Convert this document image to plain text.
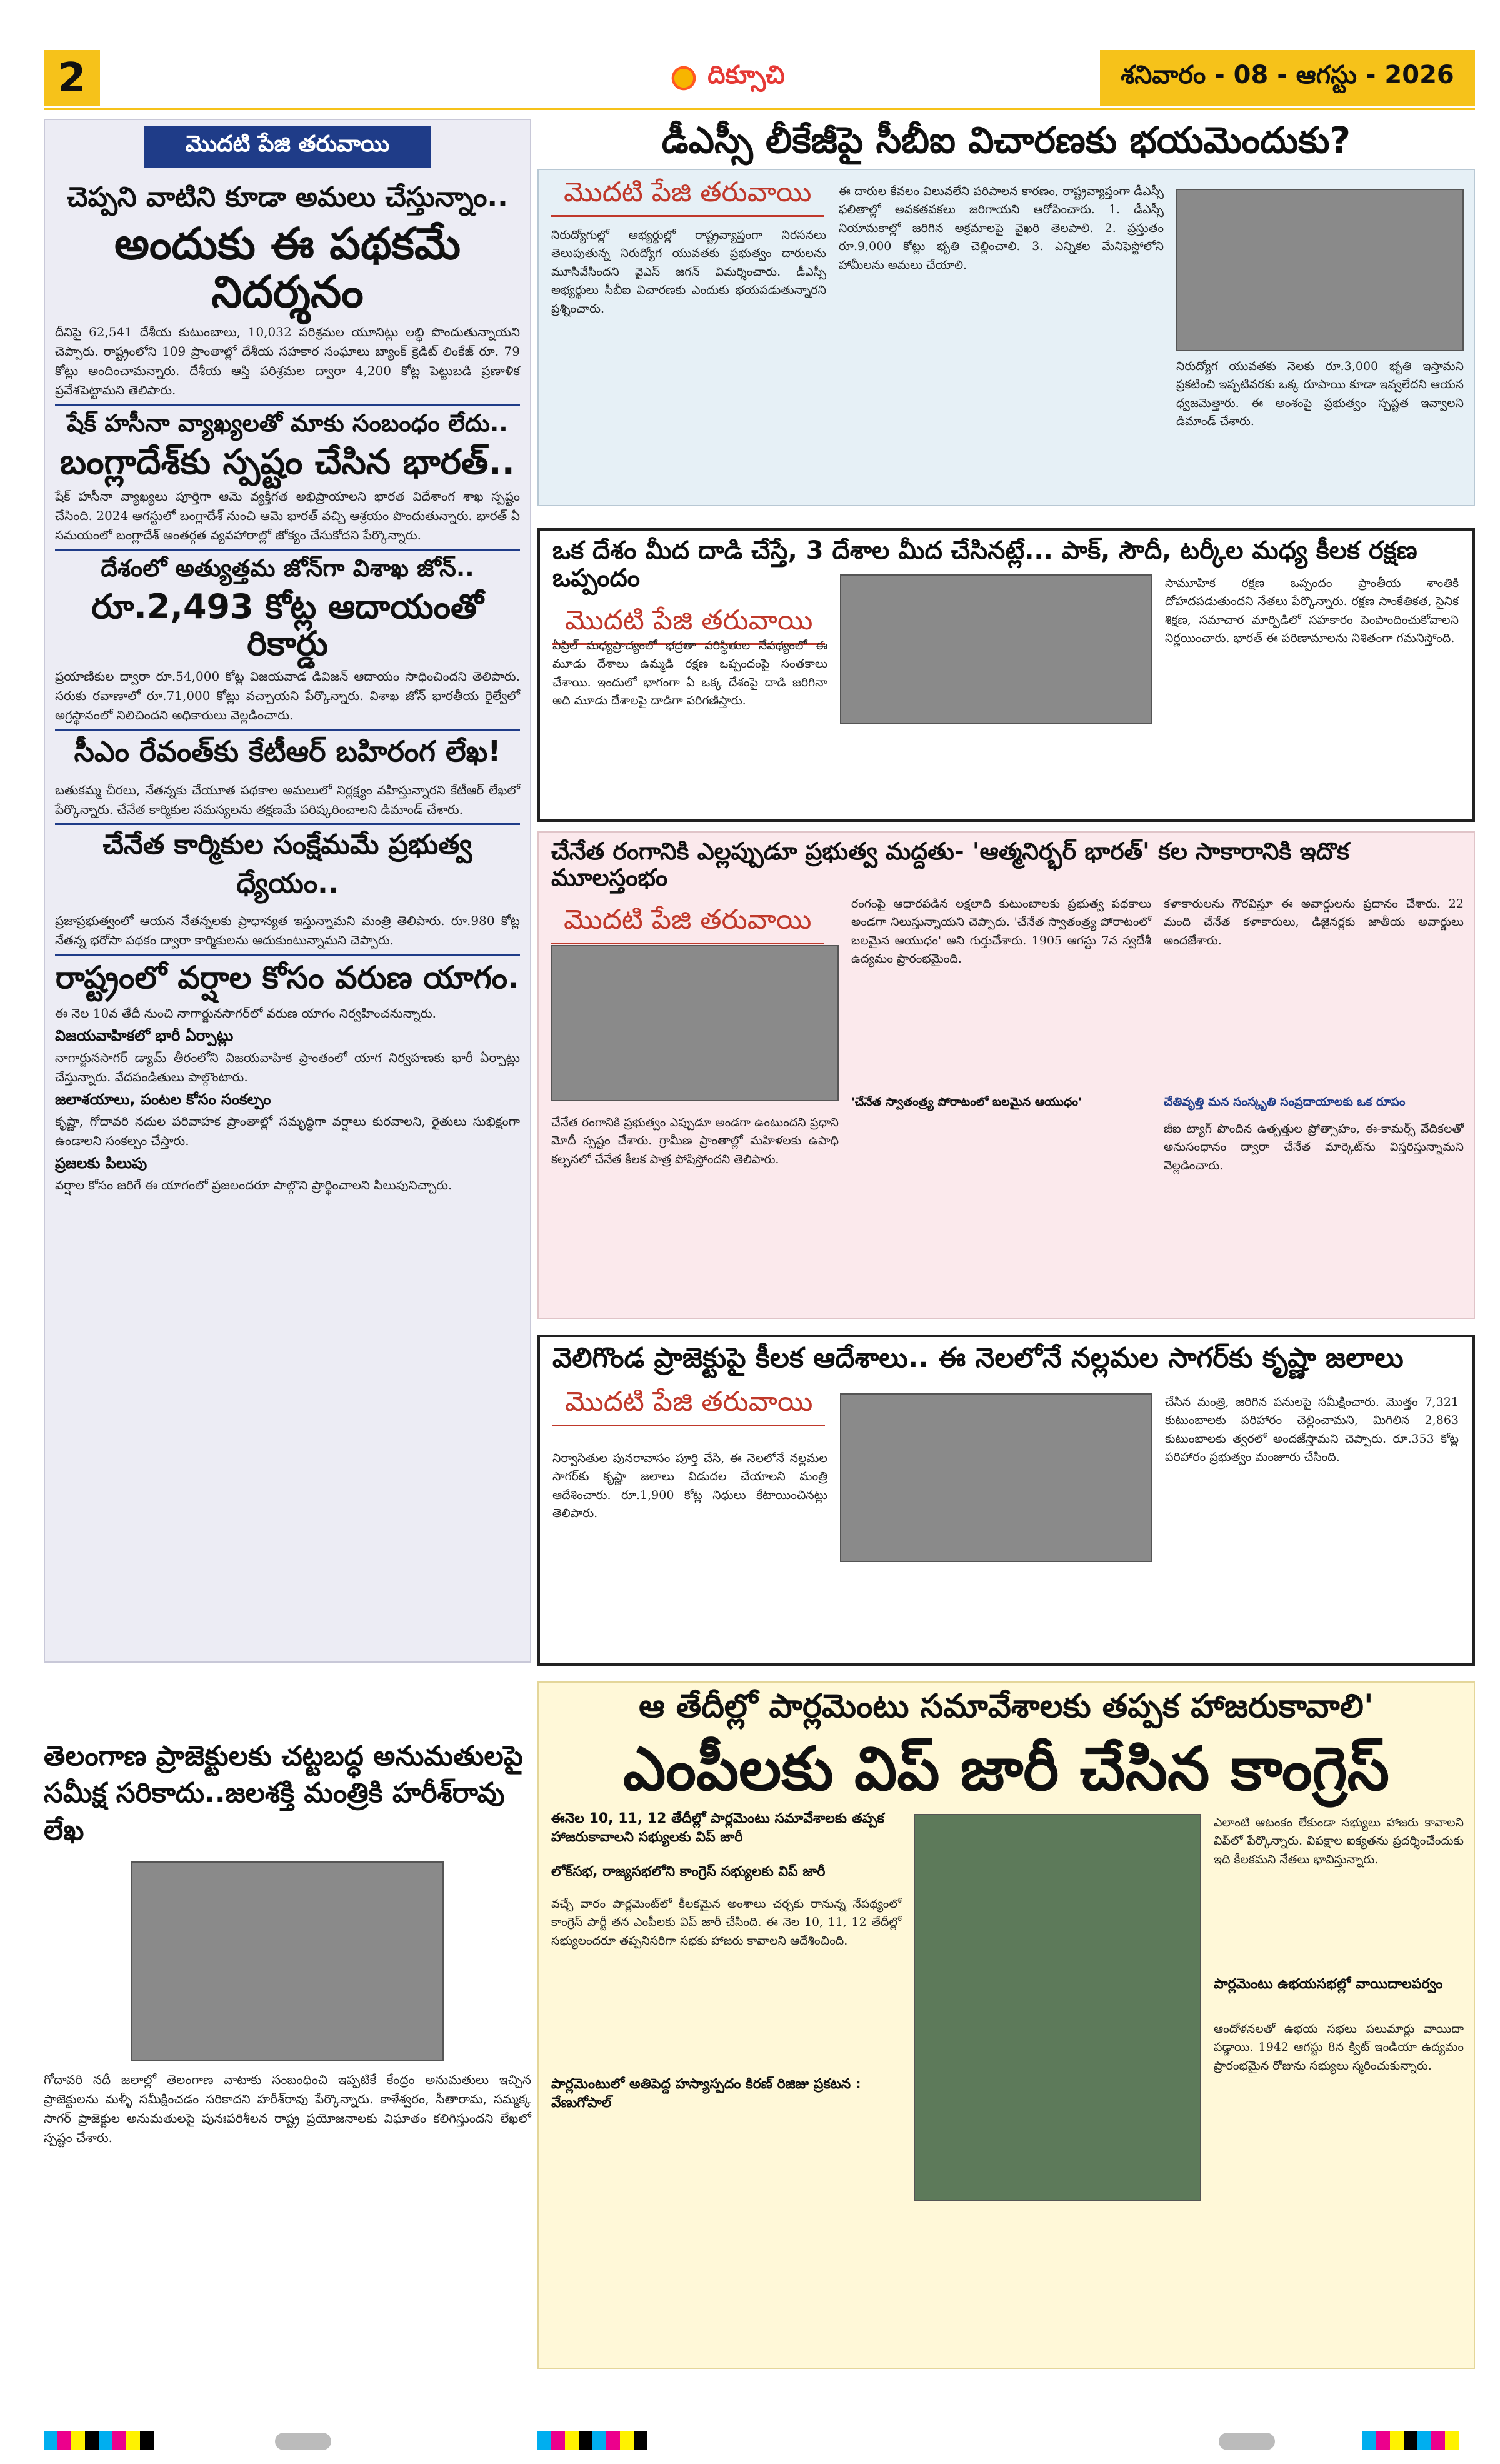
2	దిక్సూచి	శనివారం - 08 - ఆగస్టు - 2026
మొదటి పేజి తరువాయి
చెప్పని వాటిని కూడా అమలు చేస్తున్నాం..
అందుకు ఈ పథకమే నిదర్శనం
దీనిపై 62,541 దేశీయ కుటుంబాలు, 10,032 పరిశ్రమల యూనిట్లు లబ్ధి పొందుతున్నాయని చెప్పారు. రాష్ట్రంలోని 109 ప్రాంతాల్లో దేశీయ సహకార సంఘాలు బ్యాంక్ క్రెడిట్ లింకేజ్ రూ. 79 కోట్లు అందించామన్నారు. దేశీయ ఆస్తి పరిశ్రమల ద్వారా 4,200 కోట్ల పెట్టుబడి ప్రణాళిక ప్రవేశపెట్టామని తెలిపారు.
షేక్ హసీనా వ్యాఖ్యలతో మాకు సంబంధం లేదు..
బంగ్లాదేశ్‌కు స్పష్టం చేసిన భారత్..
షేక్ హసీనా వ్యాఖ్యలు పూర్తిగా ఆమె వ్యక్తిగత అభిప్రాయాలని భారత విదేశాంగ శాఖ స్పష్టం చేసింది. 2024 ఆగస్టులో బంగ్లాదేశ్ నుంచి ఆమె భారత్ వచ్చి ఆశ్రయం పొందుతున్నారు. భారత్ ఏ సమయంలో బంగ్లాదేశ్ అంతర్గత వ్యవహారాల్లో జోక్యం చేసుకోదని పేర్కొన్నారు.
దేశంలో అత్యుత్తమ జోన్‌గా విశాఖ జోన్..
రూ.2,493 కోట్ల ఆదాయంతో రికార్డు
ప్రయాణికుల ద్వారా రూ.54,000 కోట్ల విజయవాడ డివిజన్ ఆదాయం సాధించిందని తెలిపారు. సరుకు రవాణాలో రూ.71,000 కోట్లు వచ్చాయని పేర్కొన్నారు. విశాఖ జోన్ భారతీయ రైల్వేలో అగ్రస్థానంలో నిలిచిందని అధికారులు వెల్లడించారు.
సీఎం రేవంత్‌కు కేటీఆర్ బహిరంగ లేఖ!
బతుకమ్మ చీరలు, నేతన్నకు చేయూత పథకాల అమలులో నిర్లక్ష్యం వహిస్తున్నారని కేటీఆర్ లేఖలో పేర్కొన్నారు. చేనేత కార్మికుల సమస్యలను తక్షణమే పరిష్కరించాలని డిమాండ్ చేశారు.
చేనేత కార్మికుల సంక్షేమమే ప్రభుత్వ ధ్యేయం..
ప్రజాప్రభుత్వంలో ఆయన నేతన్నలకు ప్రాధాన్యత ఇస్తున్నామని మంత్రి తెలిపారు. రూ.980 కోట్ల నేతన్న భరోసా పథకం ద్వారా కార్మికులను ఆదుకుంటున్నామని చెప్పారు.
రాష్ట్రంలో వర్షాల కోసం వరుణ యాగం.
ఈ నెల 10వ తేదీ నుంచి నాగార్జునసాగర్‌లో వరుణ యాగం నిర్వహించనున్నారు.
విజయవాహికలో భారీ ఏర్పాట్లు
నాగార్జునసాగర్ డ్యామ్ తీరంలోని విజయవాహిక ప్రాంతంలో యాగ నిర్వహణకు భారీ ఏర్పాట్లు చేస్తున్నారు. వేదపండితులు పాల్గొంటారు.
జలాశయాలు, పంటల కోసం సంకల్పం
కృష్ణా, గోదావరి నదుల పరివాహక ప్రాంతాల్లో సమృద్ధిగా వర్షాలు కురవాలని, రైతులు సుభిక్షంగా ఉండాలని సంకల్పం చేస్తారు.
ప్రజలకు పిలుపు
వర్షాల కోసం జరిగే ఈ యాగంలో ప్రజలందరూ పాల్గొని ప్రార్థించాలని పిలుపునిచ్చారు.
తెలంగాణ ప్రాజెక్టులకు చట్టబద్ధ అనుమతులపై సమీక్ష సరికాదు..జలశక్తి మంత్రికి హరీశ్‌రావు లేఖ
గోదావరి నదీ జలాల్లో తెలంగాణ వాటాకు సంబంధించి ఇప్పటికే కేంద్రం అనుమతులు ఇచ్చిన ప్రాజెక్టులను మళ్ళీ సమీక్షించడం సరికాదని హరీశ్‌రావు పేర్కొన్నారు. కాళేశ్వరం, సీతారామ, సమ్మక్క సాగర్ ప్రాజెక్టుల అనుమతులపై పునఃపరిశీలన రాష్ట్ర ప్రయోజనాలకు విఘాతం కలిగిస్తుందని లేఖలో స్పష్టం చేశారు.
డీఎస్సీ లీకేజీపై సీబీఐ విచారణకు భయమెందుకు?
మొదటి పేజి తరువాయి
నిరుద్యోగుల్లో అభ్యర్థుల్లో రాష్ట్రవ్యాప్తంగా నిరసనలు తెలుపుతున్న నిరుద్యోగ యువతకు ప్రభుత్వం దారులను మూసివేసిందని వైఎస్ జగన్ విమర్శించారు. డీఎస్సీ అభ్యర్థులు సీబీఐ విచారణకు ఎందుకు భయపడుతున్నారని ప్రశ్నించారు.
ఈ దారుల కేవలం విలువలేని పరిపాలన కారణం, రాష్ట్రవ్యాప్తంగా డీఎస్సీ ఫలితాల్లో అవకతవకలు జరిగాయని ఆరోపించారు. 1. డీఎస్సీ నియామకాల్లో జరిగిన అక్రమాలపై వైఖరి తెలపాలి. 2. ప్రస్తుతం రూ.9,000 కోట్లు భృతి చెల్లించాలి. 3. ఎన్నికల మేనిఫెస్టోలోని హామీలను అమలు చేయాలి.
నిరుద్యోగ యువతకు నెలకు రూ.3,000 భృతి ఇస్తామని ప్రకటించి ఇప్పటివరకు ఒక్క రూపాయి కూడా ఇవ్వలేదని ఆయన ధ్వజమెత్తారు. ఈ అంశంపై ప్రభుత్వం స్పష్టత ఇవ్వాలని డిమాండ్ చేశారు.
ఒక దేశం మీద దాడి చేస్తే, 3 దేశాల మీద చేసినట్లే... పాక్, సౌదీ, టర్కీల మధ్య కీలక రక్షణ ఒప్పందం
మొదటి పేజి తరువాయి
ఏప్రిల్ మధ్యప్రాచ్యంలో భద్రతా పరిస్థితుల నేపథ్యంలో ఈ మూడు దేశాలు ఉమ్మడి రక్షణ ఒప్పందంపై సంతకాలు చేశాయి. ఇందులో భాగంగా ఏ ఒక్క దేశంపై దాడి జరిగినా అది మూడు దేశాలపై దాడిగా పరిగణిస్తారు.
సామూహిక రక్షణ ఒప్పందం ప్రాంతీయ శాంతికి దోహదపడుతుందని నేతలు పేర్కొన్నారు. రక్షణ సాంకేతికత, సైనిక శిక్షణ, సమాచార మార్పిడిలో సహకారం పెంపొందించుకోవాలని నిర్ణయించారు. భారత్ ఈ పరిణామాలను నిశితంగా గమనిస్తోంది.
చేనేత రంగానికి ఎల్లప్పుడూ ప్రభుత్వ మద్దతు- 'ఆత్మనిర్భర్ భారత్' కల సాకారానికి ఇదొక మూలస్తంభం
మొదటి పేజి తరువాయి
చేనేత రంగానికి ప్రభుత్వం ఎప్పుడూ అండగా ఉంటుందని ప్రధాని మోదీ స్పష్టం చేశారు. గ్రామీణ ప్రాంతాల్లో మహిళలకు ఉపాధి కల్పనలో చేనేత కీలక పాత్ర పోషిస్తోందని తెలిపారు.
రంగంపై ఆధారపడిన లక్షలాది కుటుంబాలకు ప్రభుత్వ పథకాలు అండగా నిలుస్తున్నాయని చెప్పారు. 'చేనేత స్వాతంత్ర్య పోరాటంలో బలమైన ఆయుధం' అని గుర్తుచేశారు. 1905 ఆగస్టు 7న స్వదేశీ ఉద్యమం ప్రారంభమైంది.
'చేనేత స్వాతంత్ర్య పోరాటంలో బలమైన ఆయుధం'
కళాకారులను గౌరవిస్తూ ఈ అవార్డులను ప్రదానం చేశారు. 22 మంది చేనేత కళాకారులు, డిజైనర్లకు జాతీయ అవార్డులు అందజేశారు.
చేతివృత్తి మన సంస్కృతి సంప్రదాయాలకు ఒక రూపం
జీఐ ట్యాగ్ పొందిన ఉత్పత్తుల ప్రోత్సాహం, ఈ-కామర్స్ వేదికలతో అనుసంధానం ద్వారా చేనేత మార్కెట్‌ను విస్తరిస్తున్నామని వెల్లడించారు.
వెలిగొండ ప్రాజెక్టుపై కీలక ఆదేశాలు.. ఈ నెలలోనే నల్లమల సాగర్‌కు కృష్ణా జలాలు
మొదటి పేజి తరువాయి
నిర్వాసితుల పునరావాసం పూర్తి చేసి, ఈ నెలలోనే నల్లమల సాగర్‌కు కృష్ణా జలాలు విడుదల చేయాలని మంత్రి ఆదేశించారు. రూ.1,900 కోట్ల నిధులు కేటాయించినట్లు తెలిపారు.
చేసిన మంత్రి, జరిగిన పనులపై సమీక్షించారు. మొత్తం 7,321 కుటుంబాలకు పరిహారం చెల్లించామని, మిగిలిన 2,863 కుటుంబాలకు త్వరలో అందజేస్తామని చెప్పారు. రూ.353 కోట్ల పరిహారం ప్రభుత్వం మంజూరు చేసింది.
ఆ తేదీల్లో పార్లమెంటు సమావేశాలకు తప్పక హాజరుకావాలి'
ఎంపీలకు విప్ జారీ చేసిన కాంగ్రెస్
ఈనెల 10, 11, 12 తేదీల్లో పార్లమెంటు సమావేశాలకు తప్పక హాజరుకావాలని సభ్యులకు విప్ జారీ
లోక్‌సభ, రాజ్యసభలోని కాంగ్రెస్ సభ్యులకు విప్ జారీ
వచ్చే వారం పార్లమెంట్‌లో కీలకమైన అంశాలు చర్చకు రానున్న నేపథ్యంలో కాంగ్రెస్ పార్టీ తన ఎంపీలకు విప్ జారీ చేసింది. ఈ నెల 10, 11, 12 తేదీల్లో సభ్యులందరూ తప్పనిసరిగా సభకు హాజరు కావాలని ఆదేశించింది.
పార్లమెంటులో అతిపెద్ద హస్యాస్పదం కిరణ్ రిజిజు ప్రకటన : వేణుగోపాల్
ఎలాంటి ఆటంకం లేకుండా సభ్యులు హాజరు కావాలని విప్‌లో పేర్కొన్నారు. విపక్షాల ఐక్యతను ప్రదర్శించేందుకు ఇది కీలకమని నేతలు భావిస్తున్నారు.
పార్లమెంటు ఉభయసభల్లో వాయిదాలపర్వం
ఆందోళనలతో ఉభయ సభలు పలుమార్లు వాయిదా పడ్డాయి. 1942 ఆగస్టు 8న క్విట్ ఇండియా ఉద్యమం ప్రారంభమైన రోజును సభ్యులు స్మరించుకున్నారు.
